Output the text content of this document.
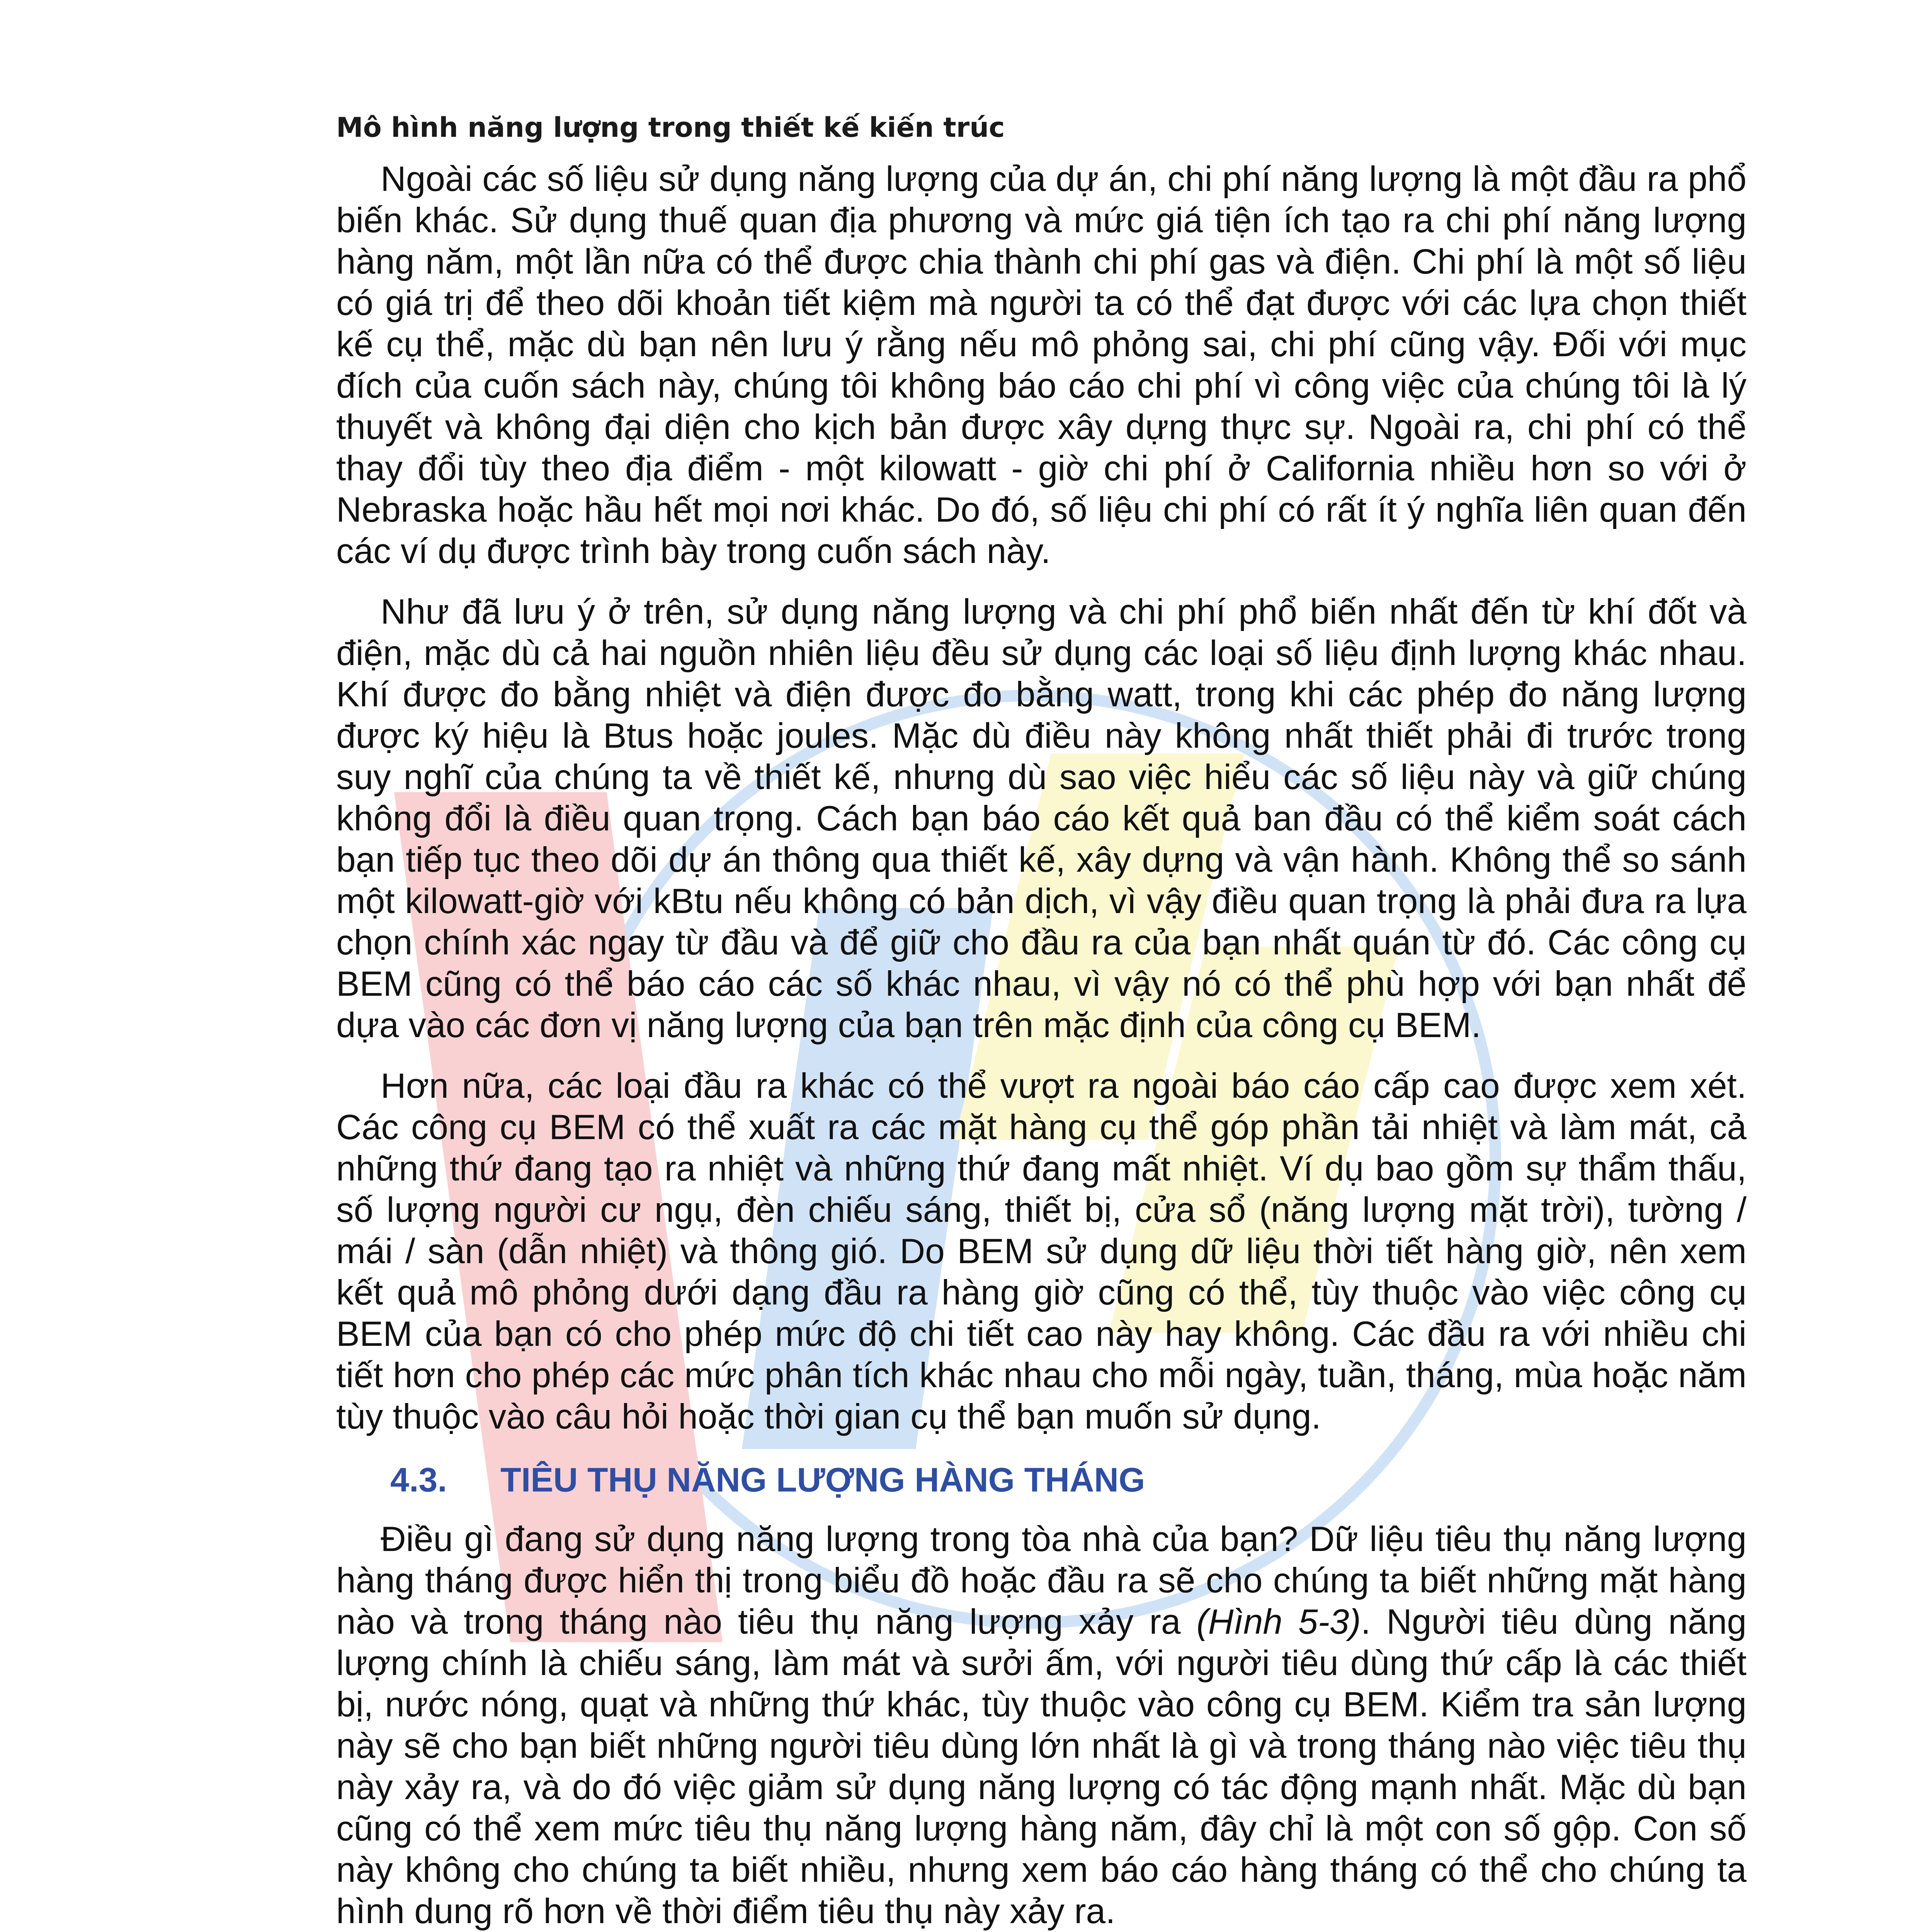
Mô hình năng lượng trong thiết kế kiến trúc

Ngoài các số liệu sử dụng năng lượng của dự án, chi phí năng lượng là một đầu ra phổ biến khác. Sử dụng thuế quan địa phương và mức giá tiện ích tạo ra chi phí năng lượng hàng năm, một lần nữa có thể được chia thành chi phí gas và điện. Chi phí là một số liệu có giá trị để theo dõi khoản tiết kiệm mà người ta có thể đạt được với các lựa chọn thiết kế cụ thể, mặc dù bạn nên lưu ý rằng nếu mô phỏng sai, chi phí cũng vậy. Đối với mục đích của cuốn sách này, chúng tôi không báo cáo chi phí vì công việc của chúng tôi là lý thuyết và không đại diện cho kịch bản được xây dựng thực sự. Ngoài ra, chi phí có thể thay đổi tùy theo địa điểm - một kilowatt - giờ chi phí ở California nhiều hơn so với ở Nebraska hoặc hầu hết mọi nơi khác. Do đó, số liệu chi phí có rất ít ý nghĩa liên quan đến các ví dụ được trình bày trong cuốn sách này.

Như đã lưu ý ở trên, sử dụng năng lượng và chi phí phổ biến nhất đến từ khí đốt và điện, mặc dù cả hai nguồn nhiên liệu đều sử dụng các loại số liệu định lượng khác nhau. Khí được đo bằng nhiệt và điện được đo bằng watt, trong khi các phép đo năng lượng được ký hiệu là Btus hoặc joules. Mặc dù điều này không nhất thiết phải đi trước trong suy nghĩ của chúng ta về thiết kế, nhưng dù sao việc hiểu các số liệu này và giữ chúng không đổi là điều quan trọng. Cách bạn báo cáo kết quả ban đầu có thể kiểm soát cách bạn tiếp tục theo dõi dự án thông qua thiết kế, xây dựng và vận hành. Không thể so sánh một kilowatt-giờ với kBtu nếu không có bản dịch, vì vậy điều quan trọng là phải đưa ra lựa chọn chính xác ngay từ đầu và để giữ cho đầu ra của bạn nhất quán từ đó. Các công cụ BEM cũng có thể báo cáo các số khác nhau, vì vậy nó có thể phù hợp với bạn nhất để dựa vào các đơn vị năng lượng của bạn trên mặc định của công cụ BEM.

Hơn nữa, các loại đầu ra khác có thể vượt ra ngoài báo cáo cấp cao được xem xét. Các công cụ BEM có thể xuất ra các mặt hàng cụ thể góp phần tải nhiệt và làm mát, cả những thứ đang tạo ra nhiệt và những thứ đang mất nhiệt. Ví dụ bao gồm sự thẩm thấu, số lượng người cư ngụ, đèn chiếu sáng, thiết bị, cửa sổ (năng lượng mặt trời), tường / mái / sàn (dẫn nhiệt) và thông gió. Do BEM sử dụng dữ liệu thời tiết hàng giờ, nên xem kết quả mô phỏng dưới dạng đầu ra hàng giờ cũng có thể, tùy thuộc vào việc công cụ BEM của bạn có cho phép mức độ chi tiết cao này hay không. Các đầu ra với nhiều chi tiết hơn cho phép các mức phân tích khác nhau cho mỗi ngày, tuần, tháng, mùa hoặc năm tùy thuộc vào câu hỏi hoặc thời gian cụ thể bạn muốn sử dụng.

4.3. TIÊU THỤ NĂNG LƯỢNG HÀNG THÁNG

Điều gì đang sử dụng năng lượng trong tòa nhà của bạn? Dữ liệu tiêu thụ năng lượng hàng tháng được hiển thị trong biểu đồ hoặc đầu ra sẽ cho chúng ta biết những mặt hàng nào và trong tháng nào tiêu thụ năng lượng xảy ra (Hình 5-3). Người tiêu dùng năng lượng chính là chiếu sáng, làm mát và sưởi ấm, với người tiêu dùng thứ cấp là các thiết bị, nước nóng, quạt và những thứ khác, tùy thuộc vào công cụ BEM. Kiểm tra sản lượng này sẽ cho bạn biết những người tiêu dùng lớn nhất là gì và trong tháng nào việc tiêu thụ này xảy ra, và do đó việc giảm sử dụng năng lượng có tác động mạnh nhất. Mặc dù bạn cũng có thể xem mức tiêu thụ năng lượng hàng năm, đây chỉ là một con số gộp. Con số này không cho chúng ta biết nhiều, nhưng xem báo cáo hàng tháng có thể cho chúng ta hình dung rõ hơn về thời điểm tiêu thụ này xảy ra.
